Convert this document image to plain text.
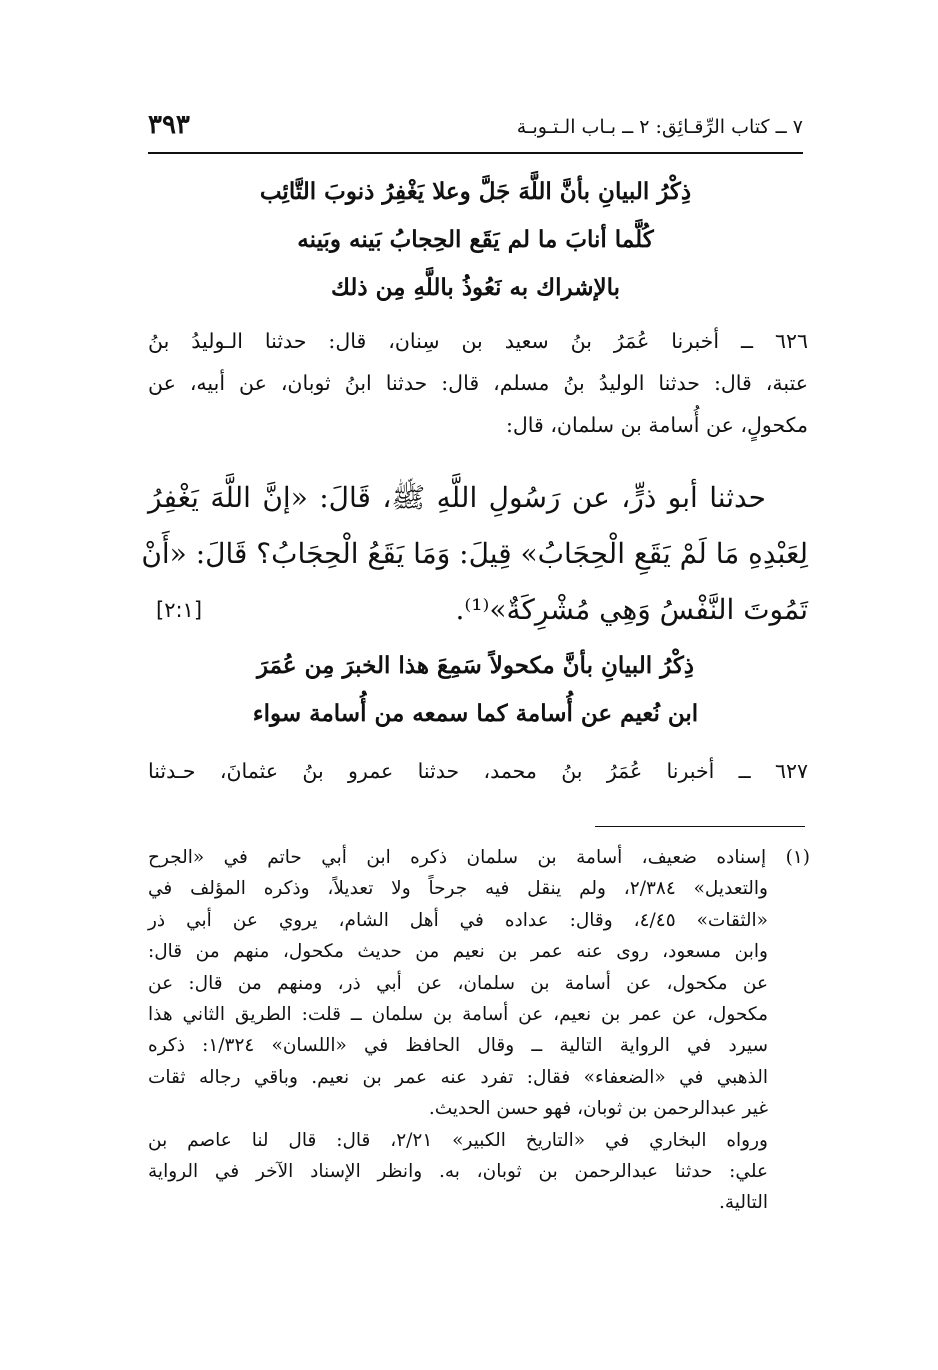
٣٩٣	٧ ــ كتاب الرِّقـائِق: ٢ ــ بـاب الـتـوبـة
ذِكْرُ البيانِ بأنَّ اللَّهَ جَلَّ وعلا يَغْفِرُ ذنوبَ التَّائِب
كُلَّما أنابَ ما لم يَقَع الحِجابُ بَينه وبَينه
بالإشراك به نَعُوذُ باللَّهِ مِن ذلك
٦٢٦ ــ أخبرنا عُمَرُ بنُ سعيد بن سِنان، قال: حدثنا الـوليدُ بنُ
عتبة، قال: حدثنا الوليدُ بنُ مسلم، قال: حدثنا ابنُ ثوبان، عن أبيه، عن
مكحولٍ، عن أُسامة بن سلمان، قال:
حدثنا أبو ذرٍّ، عن رَسُولِ اللَّهِ ﷺ، قَالَ: «إنَّ اللَّهَ يَغْفِرُ
لِعَبْدِهِ مَا لَمْ يَقَعِ الْحِجَابُ» قِيلَ: وَمَا يَقَعُ الْحِجَابُ؟ قَالَ: «أَنْ
تَمُوتَ النَّفْسُ وَهِي مُشْرِكَةٌ»⁽¹⁾.
[٢:١]
ذِكْرُ البيانِ بأنَّ مكحولاً سَمِعَ هذا الخبرَ مِن عُمَرَ
ابن نُعيم عن أُسامة كما سمعه من أُسامة سواء
٦٢٧ ــ أخبرنا عُمَرُ بنُ محمد، حدثنا عمرو بنُ عثمانَ، حـدثنا
(١) إسناده ضعيف، أسامة بن سلمان ذكره ابن أبي حاتم في «الجرح
والتعديل» ٢/٣٨٤، ولم ينقل فيه جرحاً ولا تعديلاً، وذكره المؤلف في
«الثقات» ٤/٤٥، وقال: عداده في أهل الشام، يروي عن أبي ذر
وابن مسعود، روى عنه عمر بن نعيم من حديث مكحول، منهم من قال:
عن مكحول، عن أسامة بن سلمان، عن أبي ذر، ومنهم من قال: عن
مكحول، عن عمر بن نعيم، عن أسامة بن سلمان ــ قلت: الطريق الثاني هذا
سيرد في الرواية التالية ــ وقال الحافظ في «اللسان» ١/٣٢٤: ذكره
الذهبي في «الضعفاء» فقال: تفرد عنه عمر بن نعيم. وباقي رجاله ثقات
غير عبدالرحمن بن ثوبان، فهو حسن الحديث.
ورواه البخاري في «التاريخ الكبير» ٢/٢١، قال: قال لنا عاصم بن
علي: حدثنا عبدالرحمن بن ثوبان، به. وانظر الإسناد الآخر في الرواية
التالية.
